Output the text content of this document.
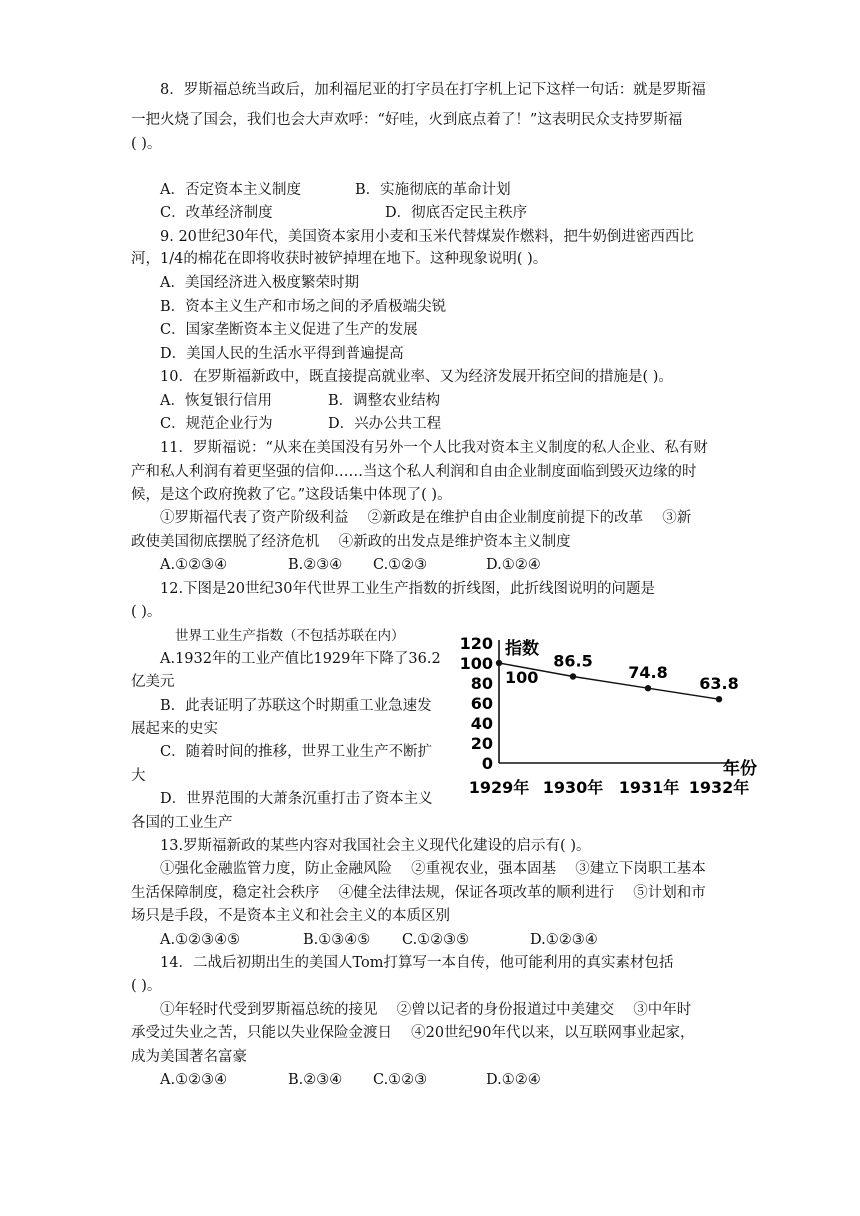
8．罗斯福总统当政后，加利福尼亚的打字员在打字机上记下这样一句话：就是罗斯福
一把火烧了国会，我们也会大声欢呼：“好哇，火到底点着了！”这表明民众支持罗斯福
( )。
A．否定资本主义制度	B．实施彻底的革命计划
C．改革经济制度	D．彻底否定民主秩序
9. 20世纪30年代，美国资本家用小麦和玉米代替煤炭作燃料，把牛奶倒进密西西比
河，1/4的棉花在即将收获时被铲掉埋在地下。这种现象说明( )。
A．美国经济进入极度繁荣时期
B．资本主义生产和市场之间的矛盾极端尖锐
C．国家垄断资本主义促进了生产的发展
D．美国人民的生活水平得到普遍提高
10．在罗斯福新政中，既直接提高就业率、又为经济发展开拓空间的措施是( )。
A．恢复银行信用	B．调整农业结构
C．规范企业行为	D．兴办公共工程
11．罗斯福说：“从来在美国没有另外一个人比我对资本主义制度的私人企业、私有财
产和私人利润有着更坚强的信仰……当这个私人利润和自由企业制度面临到毁灭边缘的时
候，是这个政府挽救了它。”这段话集中体现了( )。
①罗斯福代表了资产阶级利益　 ②新政是在维护自由企业制度前提下的改革　 ③新
政使美国彻底摆脱了经济危机　 ④新政的出发点是维护资本主义制度
A.①②③④	B.②③④ C.①②③	D.①②④
12.下图是20世纪30年代世界工业生产指数的折线图，此折线图说明的问题是
( )。
世界工业生产指数（不包括苏联在内）
A.1932年的工业产值比1929年下降了36.2
亿美元
B．此表证明了苏联这个时期重工业急速发
展起来的史实
C．随着时间的推移，世界工业生产不断扩
大
D．世界范围的大萧条沉重打击了资本主义
各国的工业生产
0
20
40
60
80
100
120 指数
年份
1929年 1930年 1931年 1932年
100
86.5
74.8
63.8
13.罗斯福新政的某些内容对我国社会主义现代化建设的启示有( )。
①强化金融监管力度，防止金融风险　 ②重视农业，强本固基　 ③建立下岗职工基本
生活保障制度，稳定社会秩序　 ④健全法律法规，保证各项改革的顺利进行　 ⑤计划和市
场只是手段，不是资本主义和社会主义的本质区别
A.①②③④⑤	B.①③④⑤ C.①②③⑤	D.①②③④
14．二战后初期出生的美国人Tom打算写一本自传，他可能利用的真实素材包括
( )。
①年轻时代受到罗斯福总统的接见　 ②曾以记者的身份报道过中美建交　 ③中年时
承受过失业之苦，只能以失业保险金渡日　 ④20世纪90年代以来，以互联网事业起家，
成为美国著名富豪
A.①②③④	B.②③④ C.①②③	D.①②④
